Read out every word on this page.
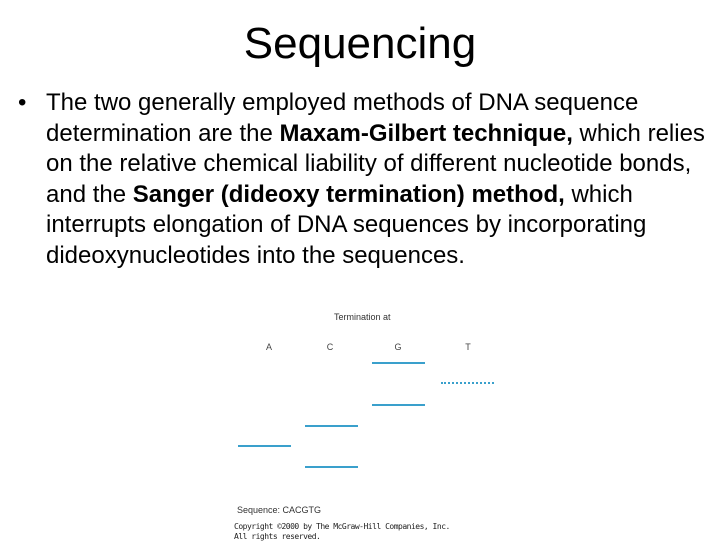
Sequencing
• The two generally employed methods of DNA sequence determination are the Maxam-Gilbert technique, which relies on the relative chemical liability of different nucleotide bonds, and the Sanger (dideoxy termination) method, which interrupts elongation of DNA sequences by incorporating dideoxynucleotides into the sequences.
Termination at
A	C	G	T
Sequence: CACGTG
Copyright ©2000 by The McGraw-Hill Companies, Inc.
All rights reserved.
